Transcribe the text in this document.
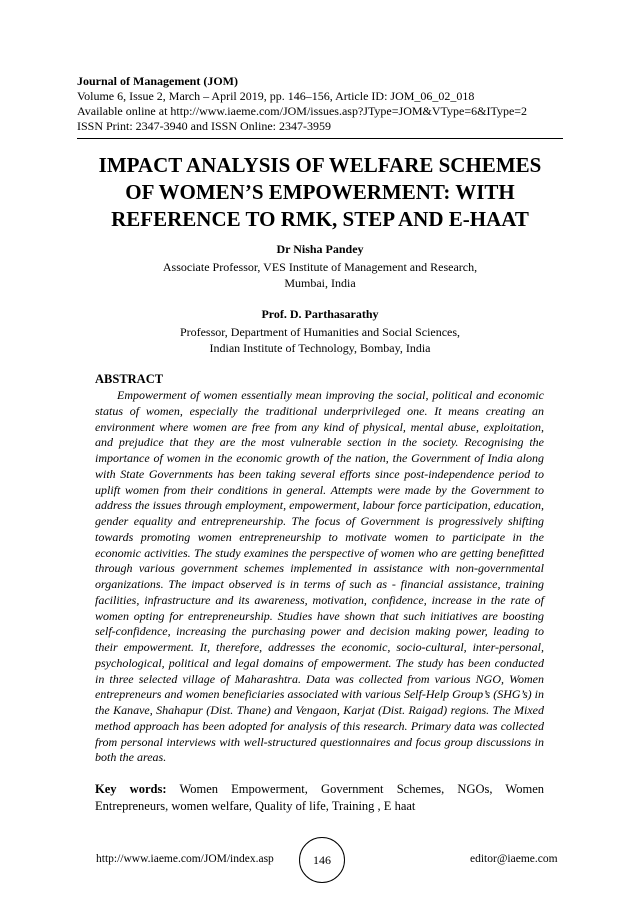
Journal of Management (JOM)
Volume 6, Issue 2, March – April 2019, pp. 146–156, Article ID: JOM_06_02_018
Available online at http://www.iaeme.com/JOM/issues.asp?JType=JOM&VType=6&IType=2
ISSN Print: 2347-3940 and ISSN Online: 2347-3959
IMPACT ANALYSIS OF WELFARE SCHEMES
OF WOMEN’S EMPOWERMENT: WITH
REFERENCE TO RMK, STEP AND E-HAAT
Dr Nisha Pandey
Associate Professor, VES Institute of Management and Research,
Mumbai, India
Prof. D. Parthasarathy
Professor, Department of Humanities and Social Sciences,
Indian Institute of Technology, Bombay, India
ABSTRACT
Empowerment of women essentially mean improving the social, political and economic status of women, especially the traditional underprivileged one. It means creating an environment where women are free from any kind of physical, mental abuse, exploitation, and prejudice that they are the most vulnerable section in the society. Recognising the importance of women in the economic growth of the nation, the Government of India along with State Governments has been taking several efforts since post-independence period to uplift women from their conditions in general. Attempts were made by the Government to address the issues through employment, empowerment, labour force participation, education, gender equality and entrepreneurship. The focus of Government is progressively shifting towards promoting women entrepreneurship to motivate women to participate in the economic activities. The study examines the perspective of women who are getting benefitted through various government schemes implemented in assistance with non-governmental organizations. The impact observed is in terms of such as - financial assistance, training facilities, infrastructure and its awareness, motivation, confidence, increase in the rate of women opting for entrepreneurship. Studies have shown that such initiatives are boosting self-confidence, increasing the purchasing power and decision making power, leading to their empowerment. It, therefore, addresses the economic, socio-cultural, inter-personal, psychological, political and legal domains of empowerment. The study has been conducted in three selected village of Maharashtra. Data was collected from various NGO, Women entrepreneurs and women beneficiaries associated with various Self-Help Group’s (SHG’s) in the Kanave, Shahapur (Dist. Thane) and Vengaon, Karjat (Dist. Raigad) regions. The Mixed method approach has been adopted for analysis of this research. Primary data was collected from personal interviews with well-structured questionnaires and focus group discussions in both the areas.
Key words: Women Empowerment, Government Schemes, NGOs, Women Entrepreneurs, women welfare, Quality of life, Training , E haat
http://www.iaeme.com/JOM/index.asp	146	editor@iaeme.com
